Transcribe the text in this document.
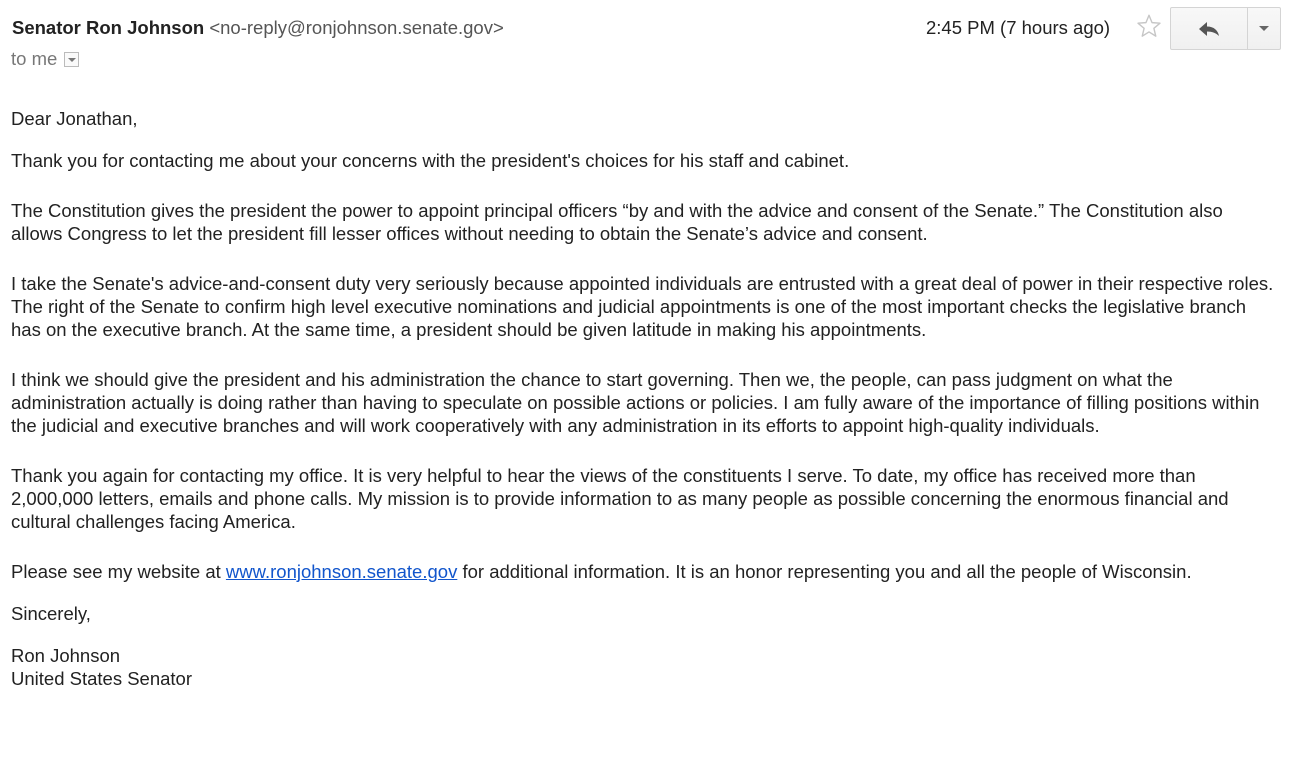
Senator Ron Johnson <no-reply@ronjohnson.senate.gov>
to me
2:45 PM (7 hours ago)

Dear Jonathan,

Thank you for contacting me about your concerns with the president's choices for his staff and cabinet.

The Constitution gives the president the power to appoint principal officers “by and with the advice and consent of the Senate.” The Constitution also allows Congress to let the president fill lesser offices without needing to obtain the Senate’s advice and consent.

I take the Senate's advice-and-consent duty very seriously because appointed individuals are entrusted with a great deal of power in their respective roles. The right of the Senate to confirm high level executive nominations and judicial appointments is one of the most important checks the legislative branch has on the executive branch. At the same time, a president should be given latitude in making his appointments.

I think we should give the president and his administration the chance to start governing. Then we, the people, can pass judgment on what the administration actually is doing rather than having to speculate on possible actions or policies. I am fully aware of the importance of filling positions within the judicial and executive branches and will work cooperatively with any administration in its efforts to appoint high-quality individuals.

Thank you again for contacting my office. It is very helpful to hear the views of the constituents I serve. To date, my office has received more than 2,000,000 letters, emails and phone calls. My mission is to provide information to as many people as possible concerning the enormous financial and cultural challenges facing America.

Please see my website at www.ronjohnson.senate.gov for additional information. It is an honor representing you and all the people of Wisconsin.

Sincerely,

Ron Johnson

United States Senator
